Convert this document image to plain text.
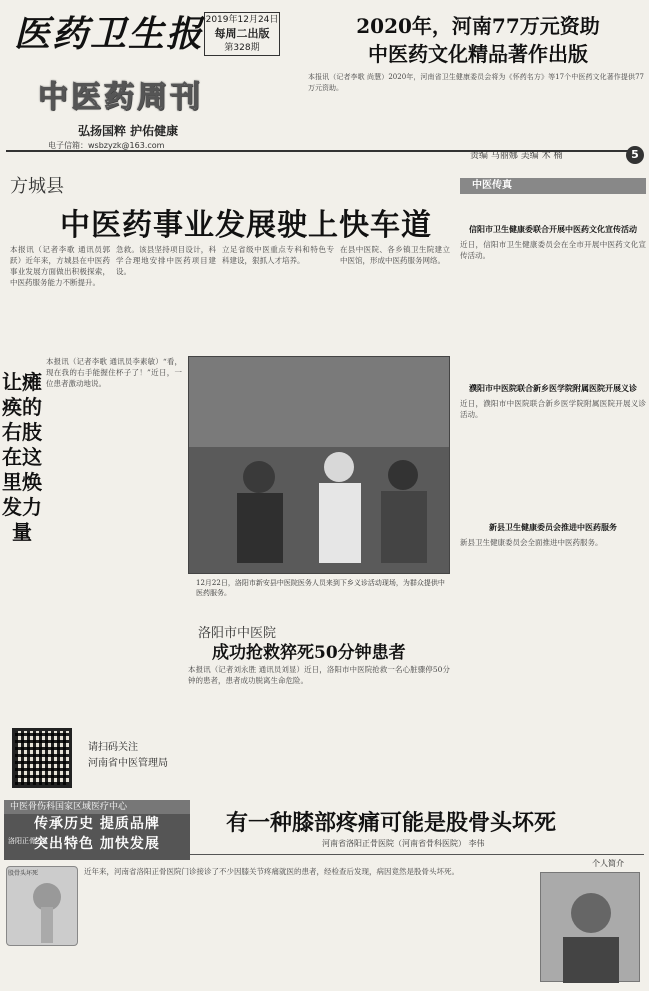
医药卫生报 2019年12月24日
每周二出版
第328期
2020年，河南77万元资助
中医药文化精品著作出版
本报讯（记者李歌 尚慧）2020年，河南省卫生健康委员会将为《怀药名方》等17个中医药文化著作提供77万元资助。
中医药周刊
弘扬国粹 护佑健康
电子信箱：wsbzyzk@163.com
责编 马丽娜 美编 木 楠	5
方城县
中医药事业发展驶上快车道
本报讯（记者李歌 通讯员郭跃）近年来，方城县在中医药事业发展方面做出积极探索，中医药服务能力不断提升。
急救。该县坚持项目设计，科学合理地安排中医药项目建设。
立足省级中医重点专科和特色专科建设，狠抓人才培养。
在县中医院、各乡镇卫生院建立中医馆，形成中医药服务网络。
让瘫痪的右肢在这里焕发力量
本报讯（记者李歌 通讯员李素敏）“看，现在我的右手能握住杯子了！”近日，一位患者激动地说。
12月22日，洛阳市新安县中医院医务人员来到下乡义诊活动现场，为群众提供中医药服务。
洛阳市中医院
成功抢救猝死50分钟患者
本报讯（记者刘永胜 通讯员刘显）近日，洛阳市中医院抢救一名心脏骤停50分钟的患者，患者成功脱离生命危险。
请扫码关注
河南省中医管理局
中医传真
信阳市卫生健康委联合开展中医药文化宣传活动
近日，信阳市卫生健康委员会在全市开展中医药文化宣传活动。
濮阳市中医院联合新乡医学院附属医院开展义诊
近日，濮阳市中医院联合新乡医学院附属医院开展义诊活动。
新县卫生健康委员会推进中医药服务
新县卫生健康委员会全面推进中医药服务。
中医骨伤科国家区域医疗中心
传承历史 提质品牌
突出特色 加快发展
洛阳正骨
有一种膝部疼痛可能是股骨头坏死
河南省洛阳正骨医院（河南省骨科医院） 李伟
个人简介
股骨头坏死	近年来，河南省洛阳正骨医院门诊接诊了不少因膝关节疼痛就医的患者，经检查后发现，病因竟然是股骨头坏死。
